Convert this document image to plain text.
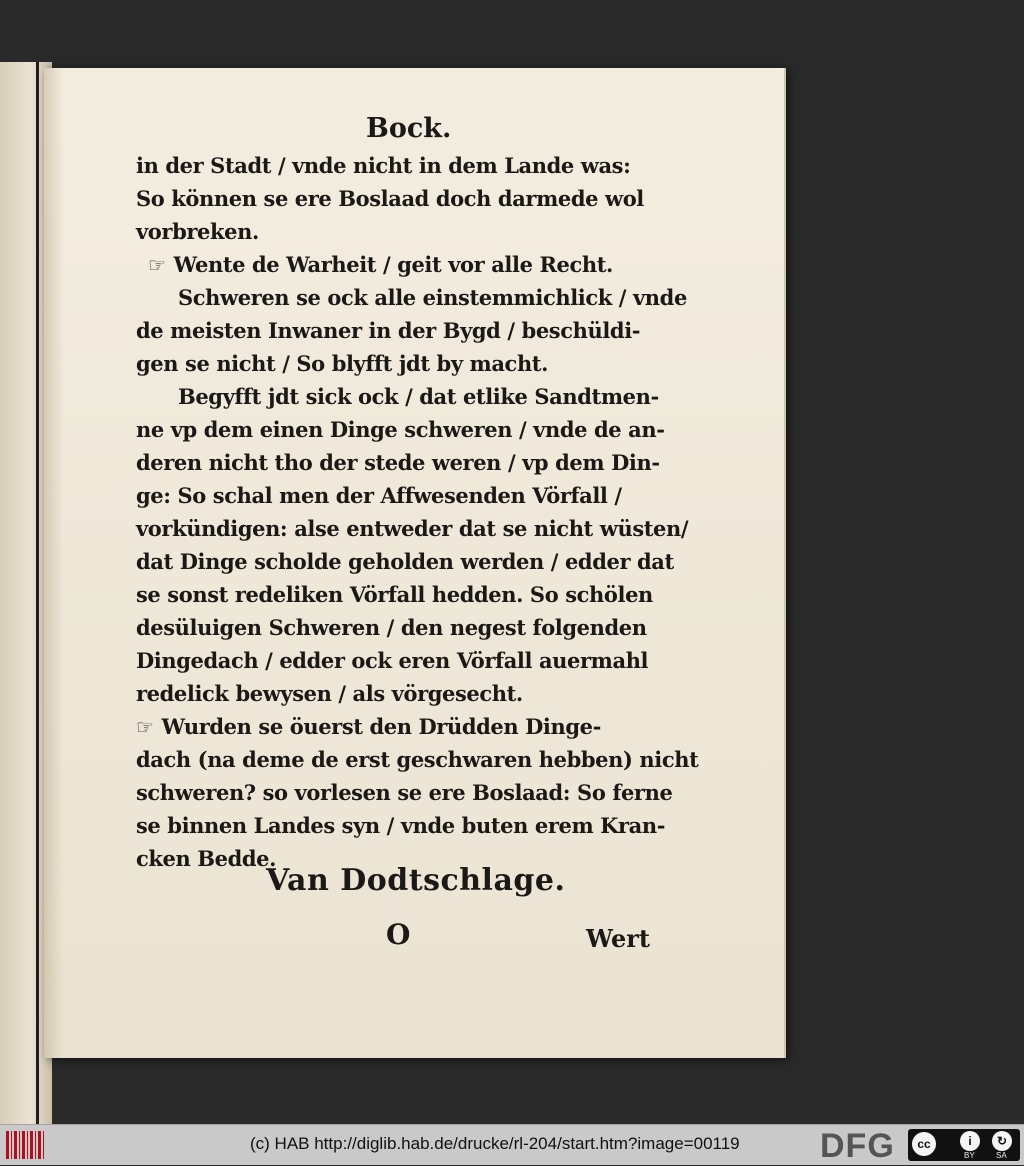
Bock.
in der Stadt / vnde nicht in dem Lande was:
So können se ere Boslaad doch darmede wol
vorbreken.
☞ Wente de Warheit / geit vor alle Recht.
Schweren se ock alle einstemmichlick / vnde
de meisten Inwaner in der Bygd / beschüldi-
gen se nicht / So blyfft jdt by macht.
Begyfft jdt sick ock / dat etlike Sandtmen-
ne vp dem einen Dinge schweren / vnde de an-
deren nicht tho der stede weren / vp dem Din-
ge: So schal men der Affwesenden Vörfall /
vorkündigen: alse entweder dat se nicht wüsten/
dat Dinge scholde geholden werden / edder dat
se sonst redeliken Vörfall hedden. So schölen
desüluigen Schweren / den negest folgenden
Dingedach / edder ock eren Vörfall auermahl
redelick bewysen / als vörgesecht.
☞ Wurden se öuerst den Drüdden Dinge-
dach (na deme de erst geschwaren hebben) nicht
schweren? so vorlesen se ere Boslaad: So ferne
se binnen Landes syn / vnde buten erem Kran-
cken Bedde.
Van Dodtschlage.
O	Wert
(c) HAB http://diglib.hab.de/drucke/rl-204/start.htm?image=00119 DFG	cc	i	↻
BY	SA
